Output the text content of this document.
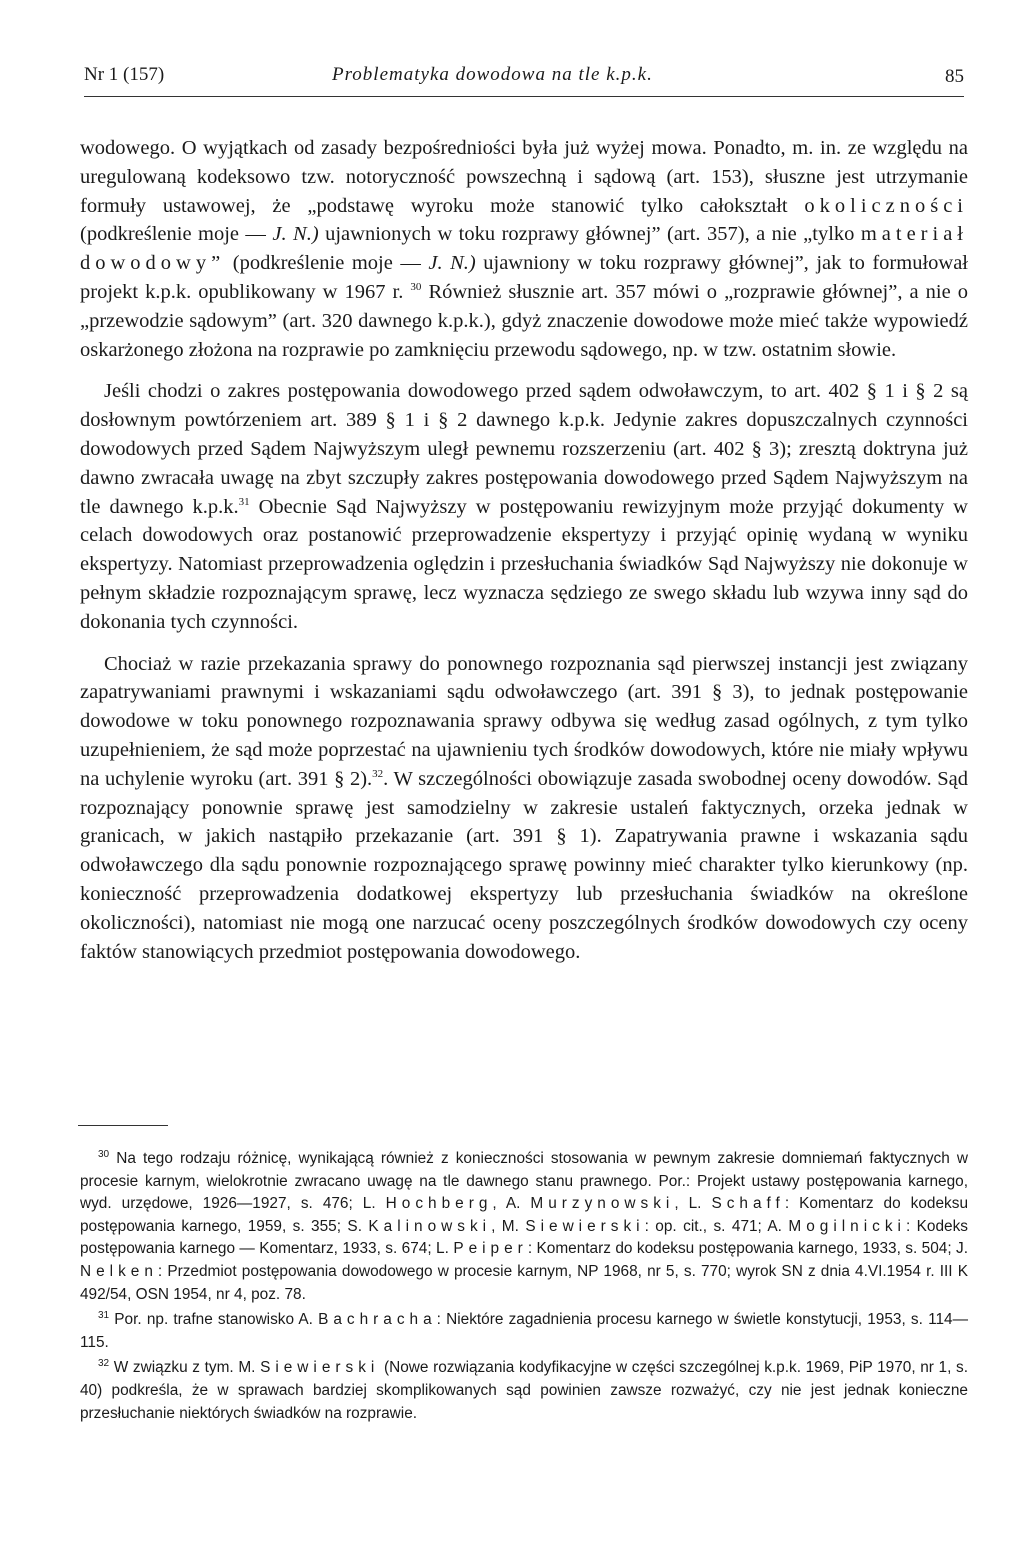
Nr 1 (157)	Problematyka dowodowa na tle k.p.k.	85

wodowego. O wyjątkach od zasady bezpośredniości była już wyżej mowa. Ponadto, m. in. ze względu na uregulowaną kodeksowo tzw. notoryczność powszechną i sądową (art. 153), słuszne jest utrzymanie formuły ustawowej, że „podstawę wyroku może stanowić tylko całokształt okoliczności (podkreślenie moje — J. N.) ujawnionych w toku rozprawy głównej” (art. 357), a nie „tylko materiał dowodowy” (podkreślenie moje — J. N.) ujawniony w toku rozprawy głównej”, jak to formułował projekt k.p.k. opublikowany w 1967 r. $^{30}$ Również słusznie art. 357 mówi o „rozprawie głównej”, a nie o „przewodzie sądowym” (art. 320 dawnego k.p.k.), gdyż znaczenie dowodowe może mieć także wypowiedź oskarżonego złożona na rozprawie po zamknięciu przewodu sądowego, np. w tzw. ostatnim słowie.

Jeśli chodzi o zakres postępowania dowodowego przed sądem odwoławczym, to art. 402 § 1 i § 2 są dosłownym powtórzeniem art. 389 § 1 i § 2 dawnego k.p.k. Jedynie zakres dopuszczalnych czynności dowodowych przed Sądem Najwyższym uległ pewnemu rozszerzeniu (art. 402 § 3); zresztą doktryna już dawno zwracała uwagę na zbyt szczupły zakres postępowania dowodowego przed Sądem Najwyższym na tle dawnego k.p.k.$^{31}$ Obecnie Sąd Najwyższy w postępowaniu rewizyjnym może przyjąć dokumenty w celach dowodowych oraz postanowić przeprowadzenie ekspertyzy i przyjąć opinię wydaną w wyniku ekspertyzy. Natomiast przeprowadzenia oględzin i przesłuchania świadków Sąd Najwyższy nie dokonuje w pełnym składzie rozpoznającym sprawę, lecz wyznacza sędziego ze swego składu lub wzywa inny sąd do dokonania tych czynności.

Chociaż w razie przekazania sprawy do ponownego rozpoznania sąd pierwszej instancji jest związany zapatrywaniami prawnymi i wskazaniami sądu odwoławczego (art. 391 § 3), to jednak postępowanie dowodowe w toku ponownego rozpoznawania sprawy odbywa się według zasad ogólnych, z tym tylko uzupełnieniem, że sąd może poprzestać na ujawnieniu tych środków dowodowych, które nie miały wpływu na uchylenie wyroku (art. 391 § 2).$^{32}$. W szczególności obowiązuje zasada swobodnej oceny dowodów. Sąd rozpoznający ponownie sprawę jest samodzielny w zakresie ustaleń faktycznych, orzeka jednak w granicach, w jakich nastąpiło przekazanie (art. 391 § 1). Zapatrywania prawne i wskazania sądu odwoławczego dla sądu ponownie rozpoznającego sprawę powinny mieć charakter tylko kierunkowy (np. konieczność przeprowadzenia dodatkowej ekspertyzy lub przesłuchania świadków na określone okoliczności), natomiast nie mogą one narzucać oceny poszczególnych środków dowodowych czy oceny faktów stanowiących przedmiot postępowania dowodowego.

$^{30}$ Na tego rodzaju różnicę, wynikającą również z konieczności stosowania w pewnym zakresie domniemań faktycznych w procesie karnym, wielokrotnie zwracano uwagę na tle dawnego stanu prawnego. Por.: Projekt ustawy postępowania karnego, wyd. urzędowe, 1926—1927, s. 476; L. Hochberg, A. Murzynowski, L. Schaff: Komentarz do kodeksu postępowania karnego, 1959, s. 355; S. Kalinowski, M. Siewierski: op. cit., s. 471; A. Mogilnicki: Kodeks postępowania karnego — Komentarz, 1933, s. 674; L. Peiper: Komentarz do kodeksu postępowania karnego, 1933, s. 504; J. Nelken: Przedmiot postępowania dowodowego w procesie karnym, NP 1968, nr 5, s. 770; wyrok SN z dnia 4.VI.1954 r. III K 492/54, OSN 1954, nr 4, poz. 78.

$^{31}$ Por. np. trafne stanowisko A. Bachracha: Niektóre zagadnienia procesu karnego w świetle konstytucji, 1953, s. 114—115.

$^{32}$ W związku z tym. M. Siewierski (Nowe rozwiązania kodyfikacyjne w części szczególnej k.p.k. 1969, PiP 1970, nr 1, s. 40) podkreśla, że w sprawach bardziej skomplikowanych sąd powinien zawsze rozważyć, czy nie jest jednak konieczne przesłuchanie niektórych świadków na rozprawie.
